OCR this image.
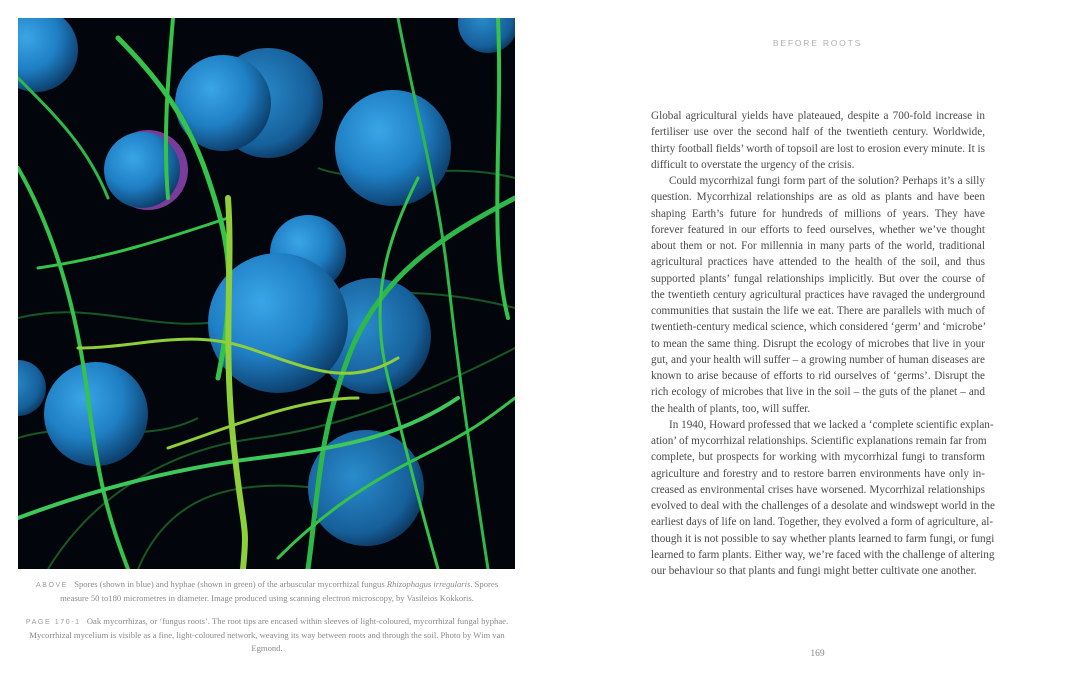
ABOVE Spores (shown in blue) and hyphae (shown in green) of the arbuscular mycorrhizal fungus Rhizophagus irregularis. Spores measure 50 to180 micrometres in diameter. Image produced using scanning electron microscopy, by Vasileios Kokkoris.

PAGE 170-1 Oak mycorrhizas, or ‘fungus roots’. The root tips are encased within sleeves of light-coloured, mycorrhizal fungal hyphae. Mycorrhizal mycelium is visible as a fine, light-coloured network, weaving its way between roots and through the soil. Photo by Wim van Egmond.

BEFORE ROOTS
Global agricultural yields have plateaued, despite a 700-fold increase in
fertiliser use over the second half of the twentieth century. Worldwide,
thirty football fields’ worth of topsoil are lost to erosion every minute. It is
difficult to overstate the urgency of the crisis.
Could mycorrhizal fungi form part of the solution? Perhaps it’s a silly
question. Mycorrhizal relationships are as old as plants and have been
shaping Earth’s future for hundreds of millions of years. They have
forever featured in our efforts to feed ourselves, whether we’ve thought
about them or not. For millennia in many parts of the world, traditional
agricultural practices have attended to the health of the soil, and thus
supported plants’ fungal relationships implicitly. But over the course of
the twentieth century agricultural practices have ravaged the underground
communities that sustain the life we eat. There are parallels with much of
twentieth-century medical science, which considered ‘germ’ and ‘microbe’
to mean the same thing. Disrupt the ecology of microbes that live in your
gut, and your health will suffer – a growing number of human diseases are
known to arise because of efforts to rid ourselves of ‘germs’. Disrupt the
rich ecology of microbes that live in the soil – the guts of the planet – and
the health of plants, too, will suffer.
In 1940, Howard professed that we lacked a ‘complete scientific explan-
ation’ of mycorrhizal relationships. Scientific explanations remain far from
complete, but prospects for working with mycorrhizal fungi to transform
agriculture and forestry and to restore barren environments have only in-
creased as environmental crises have worsened. Mycorrhizal relationships
evolved to deal with the challenges of a desolate and windswept world in the
earliest days of life on land. Together, they evolved a form of agriculture, al-
though it is not possible to say whether plants learned to farm fungi, or fungi
learned to farm plants. Either way, we’re faced with the challenge of altering
our behaviour so that plants and fungi might better cultivate one another.
169
